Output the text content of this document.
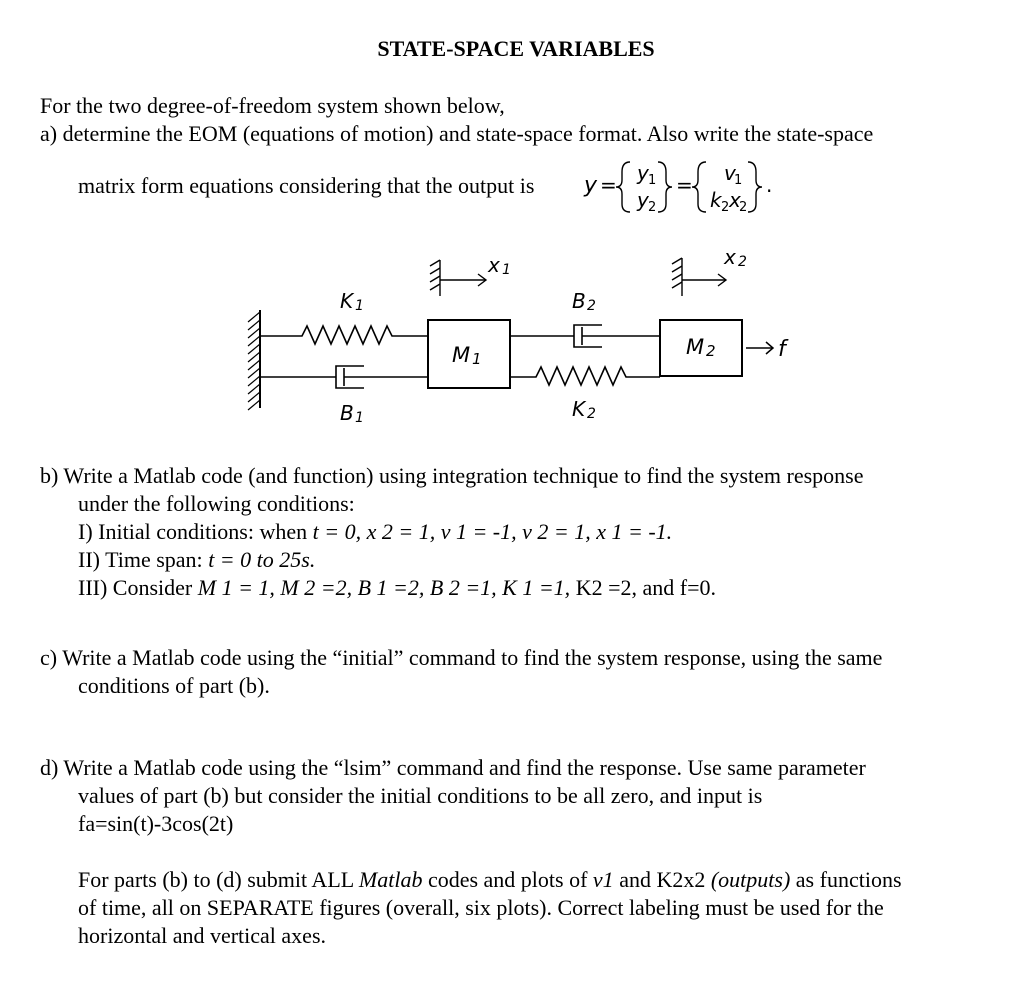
STATE-SPACE VARIABLES
For the two degree-of-freedom system shown below,
a) determine the EOM (equations of motion) and state-space format. Also write the state-space
matrix form equations considering that the output is y = y 1
y 2
= v
1
k 2 x
2
.
M 1	M 2	f
x 1
x 2
K 1
B 1
B 2
K 2
b) Write a Matlab code (and function) using integration technique to find the system response
under the following conditions:
I) Initial conditions: when t = 0, x 2 = 1, v 1 = -1, v 2 = 1, x 1 = -1.
II) Time span: t = 0 to 25s.
III) Consider M 1 = 1, M 2 =2, B 1 =2, B 2 =1, K 1 =1, K2 =2, and f=0.
c) Write a Matlab code using the “initial” command to find the system response, using the same
conditions of part (b).
d) Write a Matlab code using the “lsim” command and find the response. Use same parameter
values of part (b) but consider the initial conditions to be all zero, and input is
fa=sin(t)-3cos(2t)
For parts (b) to (d) submit ALL Matlab codes and plots of v1 and K2x2 (outputs) as functions
of time, all on SEPARATE figures (overall, six plots). Correct labeling must be used for the
horizontal and vertical axes.
